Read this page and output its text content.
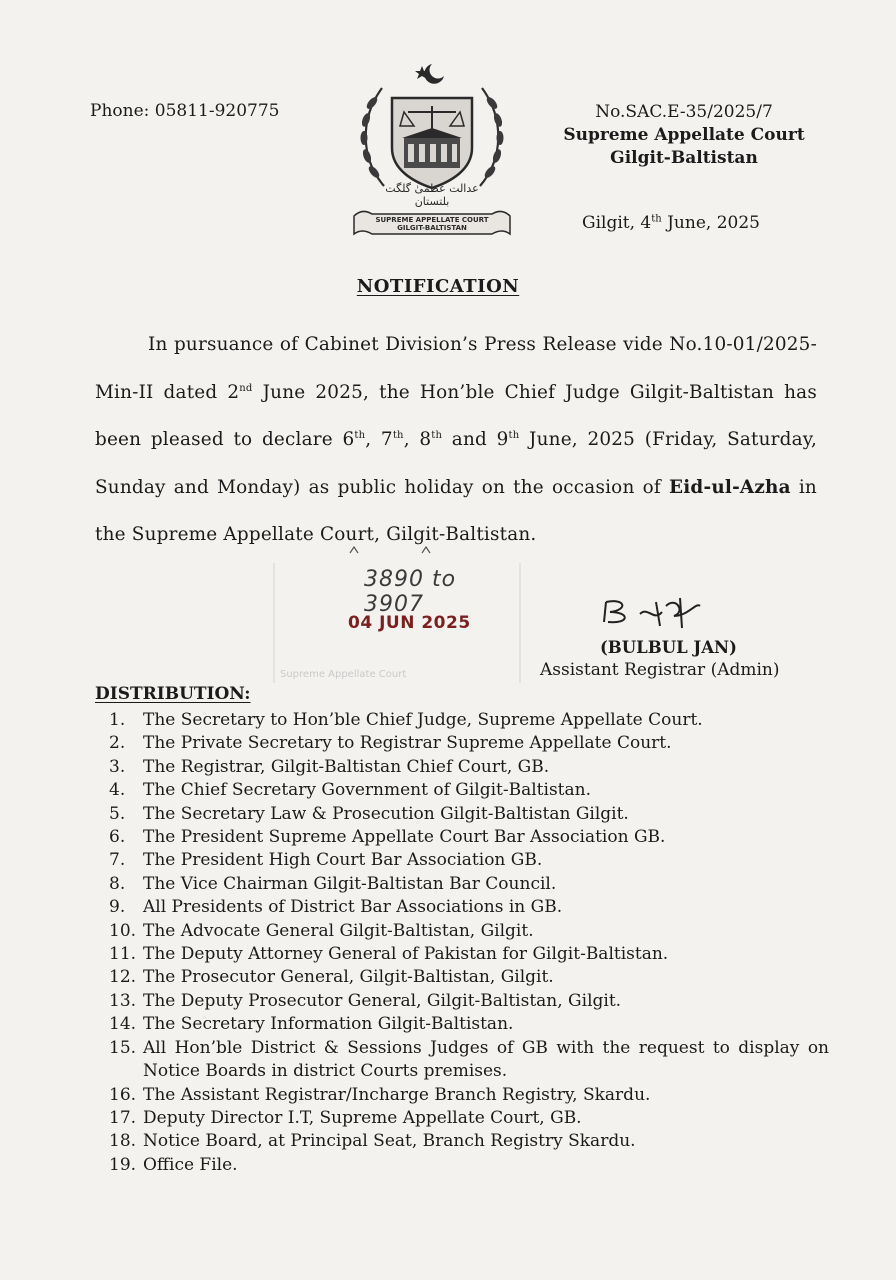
Phone: 05811-920775	No.SAC.E-35/2025/7
Supreme Appellate Court
Gilgit-Baltistan
Gilgit, 4th June, 2025
عدالت عظمیٰ گلگت بلتستان
SUPREME APPELLATE COURT
GILGIT-BALTISTAN
NOTIFICATION

In pursuance of Cabinet Division’s Press Release vide No.10-01/2025-Min-II dated 2nd June 2025, the Hon’ble Chief Judge Gilgit-Baltistan has been pleased to declare 6th, 7th, 8th and 9th June, 2025 (Friday, Saturday, Sunday and Monday) as public holiday on the occasion of Eid-ul-Azha in the Supreme Appellate Court, Gilgit-Baltistan.

3890 to 3907
04 JUN 2025
Supreme Appellate Court
(BULBUL JAN)
Assistant Registrar (Admin)
DISTRIBUTION:
1.	The Secretary to Hon’ble Chief Judge, Supreme Appellate Court.
2.	The Private Secretary to Registrar Supreme Appellate Court.
3.	The Registrar, Gilgit-Baltistan Chief Court, GB.
4.	The Chief Secretary Government of Gilgit-Baltistan.
5.	The Secretary Law & Prosecution Gilgit-Baltistan Gilgit.
6.	The President Supreme Appellate Court Bar Association GB.
7.	The President High Court Bar Association GB.
8.	The Vice Chairman Gilgit-Baltistan Bar Council.
9.	All Presidents of District Bar Associations in GB.
10. The Advocate General Gilgit-Baltistan, Gilgit.
11. The Deputy Attorney General of Pakistan for Gilgit-Baltistan.
12. The Prosecutor General, Gilgit-Baltistan, Gilgit.
13. The Deputy Prosecutor General, Gilgit-Baltistan, Gilgit.
14. The Secretary Information Gilgit-Baltistan.
15. All Hon’ble District & Sessions Judges of GB with the request to display on Notice Boards in district Courts premises.
16. The Assistant Registrar/Incharge Branch Registry, Skardu.
17. Deputy Director I.T, Supreme Appellate Court, GB.
18. Notice Board, at Principal Seat, Branch Registry Skardu.
19. Office File.
